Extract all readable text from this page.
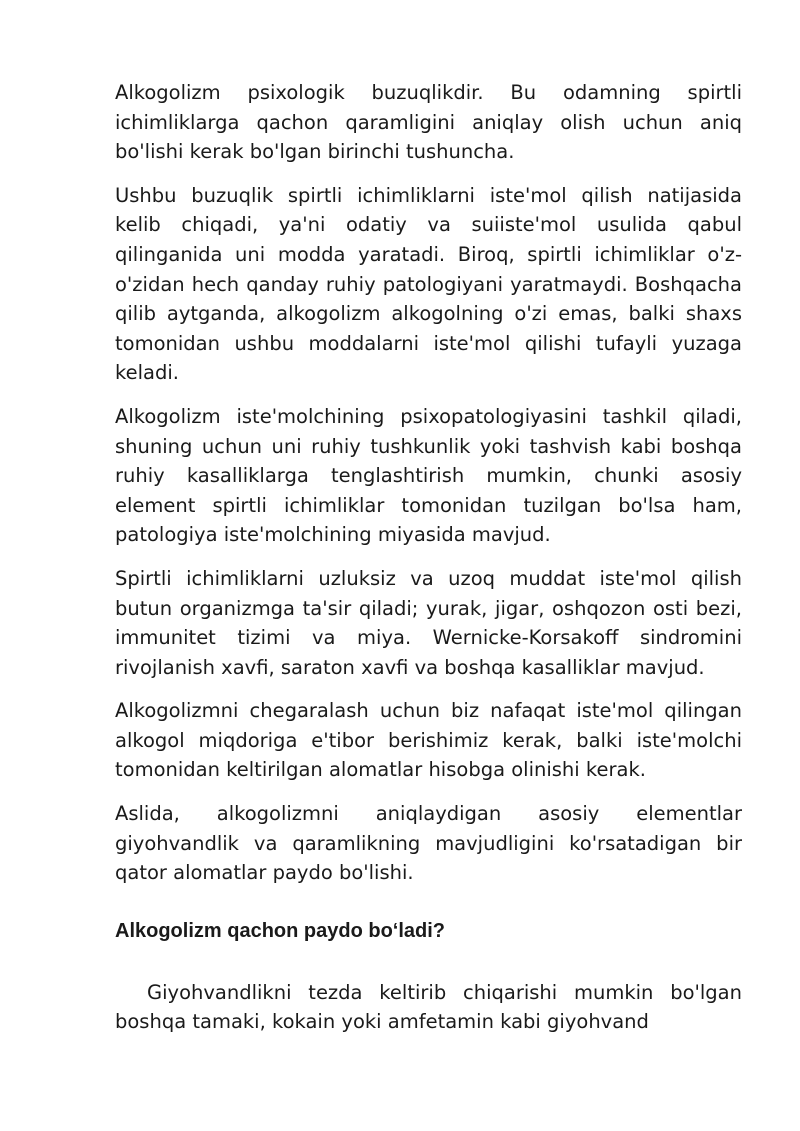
Alkogolizm psixologik buzuqlikdir. Bu odamning spirtli ichimliklarga qachon qaramligini aniqlay olish uchun aniq bo'lishi kerak bo'lgan birinchi tushuncha.

Ushbu buzuqlik spirtli ichimliklarni iste'mol qilish natijasida kelib chiqadi, ya'ni odatiy va suiiste'mol usulida qabul qilinganida uni modda yaratadi. Biroq, spirtli ichimliklar o'z-o'zidan hech qanday ruhiy patologiyani yaratmaydi. Boshqacha qilib aytganda, alkogolizm alkogolning o'zi emas, balki shaxs tomonidan ushbu moddalarni iste'mol qilishi tufayli yuzaga keladi.

Alkogolizm iste'molchining psixopatologiyasini tashkil qiladi, shuning uchun uni ruhiy tushkunlik yoki tashvish kabi boshqa ruhiy kasalliklarga tenglashtirish mumkin, chunki asosiy element spirtli ichimliklar tomonidan tuzilgan bo'lsa ham, patologiya iste'molchining miyasida mavjud.

Spirtli ichimliklarni uzluksiz va uzoq muddat iste'mol qilish butun organizmga ta'sir qiladi; yurak, jigar, oshqozon osti bezi, immunitet tizimi va miya. Wernicke-Korsakoff sindromini rivojlanish xavfi, saraton xavfi va boshqa kasalliklar mavjud.

Alkogolizmni chegaralash uchun biz nafaqat iste'mol qilingan alkogol miqdoriga e'tibor berishimiz kerak, balki iste'molchi tomonidan keltirilgan alomatlar hisobga olinishi kerak.

Aslida, alkogolizmni aniqlaydigan asosiy elementlar giyohvandlik va qaramlikning mavjudligini ko'rsatadigan bir qator alomatlar paydo bo'lishi.

Alkogolizm qachon paydo bo‘ladi?

Giyohvandlikni tezda keltirib chiqarishi mumkin bo'lgan boshqa tamaki, kokain yoki amfetamin kabi giyohvand
